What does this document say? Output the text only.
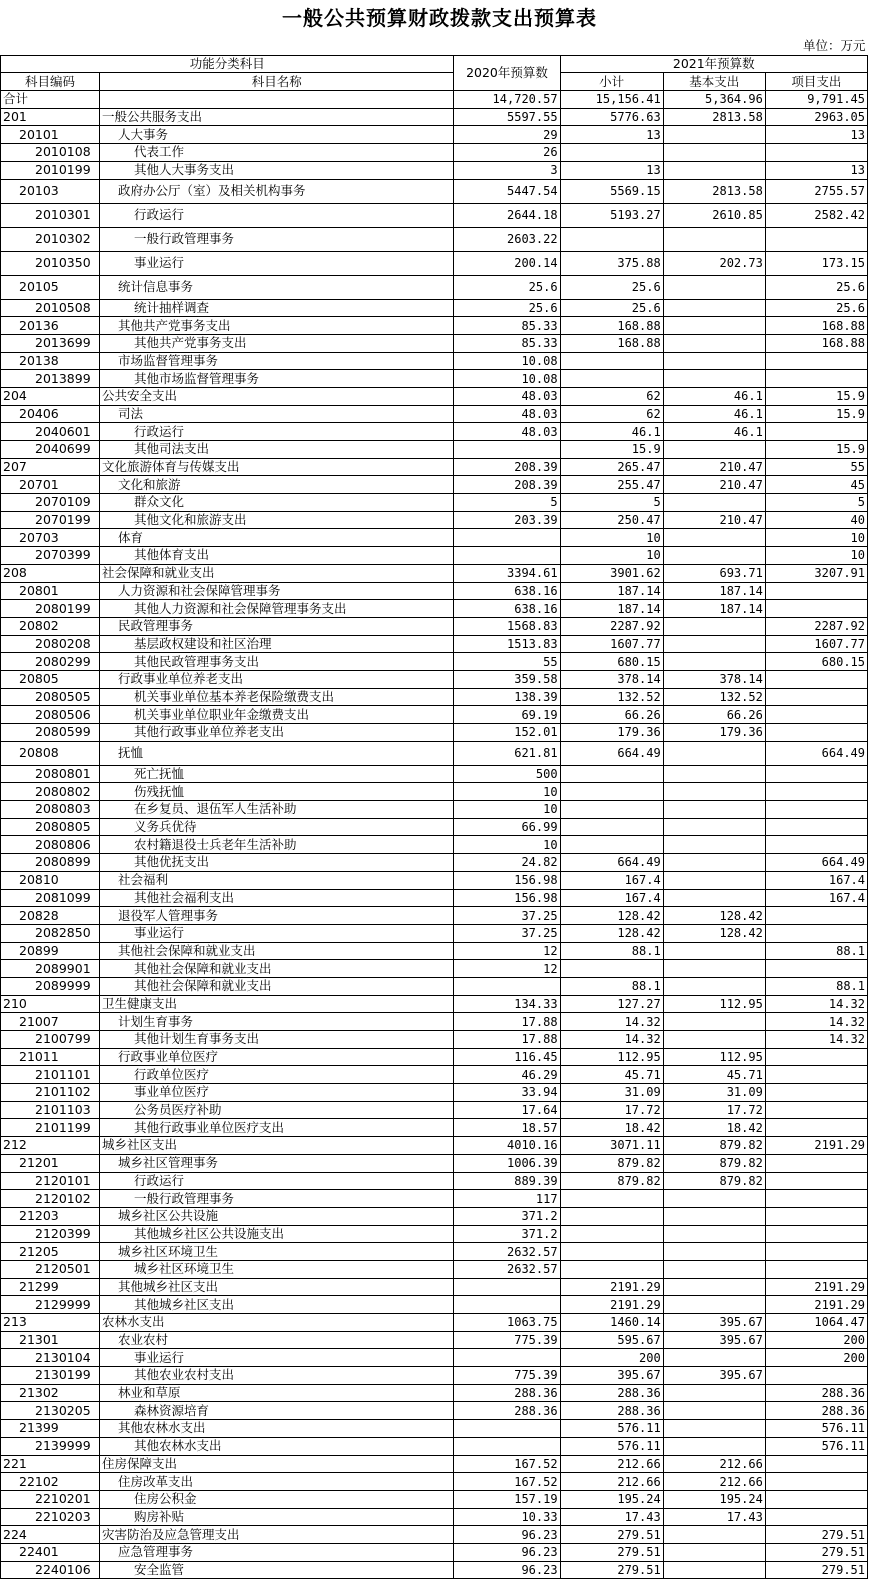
一般公共预算财政拨款支出预算表
					单位：万元
功能分类科目		2020年预算数	2021年预算数		
科目编码	科目名称		小计	基本支出	项目支出
合计		14,720.57	15,156.41	5,364.96	9,791.45
201	一般公共服务支出	5597.55	5776.63	2813.58	2963.05
20101	人大事务	29	13		13
2010108	代表工作	26			
2010199	其他人大事务支出	3	13		13
20103	政府办公厅（室）及相关机构事务	5447.54	5569.15	2813.58	2755.57
2010301	行政运行	2644.18	5193.27	2610.85	2582.42
2010302	一般行政管理事务	2603.22			
2010350	事业运行	200.14	375.88	202.73	173.15
20105	统计信息事务	25.6	25.6		25.6
2010508	统计抽样调查	25.6	25.6		25.6
20136	其他共产党事务支出	85.33	168.88		168.88
2013699	其他共产党事务支出	85.33	168.88		168.88
20138	市场监督管理事务	10.08			
2013899	其他市场监督管理事务	10.08			
204	公共安全支出	48.03	62	46.1	15.9
20406	司法	48.03	62	46.1	15.9
2040601	行政运行	48.03	46.1	46.1	
2040699	其他司法支出		15.9		15.9
207	文化旅游体育与传媒支出	208.39	265.47	210.47	55
20701	文化和旅游	208.39	255.47	210.47	45
2070109	群众文化	5	5		5
2070199	其他文化和旅游支出	203.39	250.47	210.47	40
20703	体育		10		10
2070399	其他体育支出		10		10
208	社会保障和就业支出	3394.61	3901.62	693.71	3207.91
20801	人力资源和社会保障管理事务	638.16	187.14	187.14	
2080199	其他人力资源和社会保障管理事务支出	638.16	187.14	187.14	
20802	民政管理事务	1568.83	2287.92		2287.92
2080208	基层政权建设和社区治理	1513.83	1607.77		1607.77
2080299	其他民政管理事务支出	55	680.15		680.15
20805	行政事业单位养老支出	359.58	378.14	378.14	
2080505	机关事业单位基本养老保险缴费支出	138.39	132.52	132.52	
2080506	机关事业单位职业年金缴费支出	69.19	66.26	66.26	
2080599	其他行政事业单位养老支出	152.01	179.36	179.36	
20808	抚恤	621.81	664.49		664.49
2080801	死亡抚恤	500			
2080802	伤残抚恤	10			
2080803	在乡复员、退伍军人生活补助	10			
2080805	义务兵优待	66.99			
2080806	农村籍退役士兵老年生活补助	10			
2080899	其他优抚支出	24.82	664.49		664.49
20810	社会福利	156.98	167.4		167.4
2081099	其他社会福利支出	156.98	167.4		167.4
20828	退役军人管理事务	37.25	128.42	128.42	
2082850	事业运行	37.25	128.42	128.42	
20899	其他社会保障和就业支出	12	88.1		88.1
2089901	其他社会保障和就业支出	12			
2089999	其他社会保障和就业支出		88.1		88.1
210	卫生健康支出	134.33	127.27	112.95	14.32
21007	计划生育事务	17.88	14.32		14.32
2100799	其他计划生育事务支出	17.88	14.32		14.32
21011	行政事业单位医疗	116.45	112.95	112.95	
2101101	行政单位医疗	46.29	45.71	45.71	
2101102	事业单位医疗	33.94	31.09	31.09	
2101103	公务员医疗补助	17.64	17.72	17.72	
2101199	其他行政事业单位医疗支出	18.57	18.42	18.42	
212	城乡社区支出	4010.16	3071.11	879.82	2191.29
21201	城乡社区管理事务	1006.39	879.82	879.82	
2120101	行政运行	889.39	879.82	879.82	
2120102	一般行政管理事务	117			
21203	城乡社区公共设施	371.2			
2120399	其他城乡社区公共设施支出	371.2			
21205	城乡社区环境卫生	2632.57			
2120501	城乡社区环境卫生	2632.57			
21299	其他城乡社区支出		2191.29		2191.29
2129999	其他城乡社区支出		2191.29		2191.29
213	农林水支出	1063.75	1460.14	395.67	1064.47
21301	农业农村	775.39	595.67	395.67	200
2130104	事业运行		200		200
2130199	其他农业农村支出	775.39	395.67	395.67	
21302	林业和草原	288.36	288.36		288.36
2130205	森林资源培育	288.36	288.36		288.36
21399	其他农林水支出		576.11		576.11
2139999	其他农林水支出		576.11		576.11
221	住房保障支出	167.52	212.66	212.66	
22102	住房改革支出	167.52	212.66	212.66	
2210201	住房公积金	157.19	195.24	195.24	
2210203	购房补贴	10.33	17.43	17.43	
224	灾害防治及应急管理支出	96.23	279.51		279.51
22401	应急管理事务	96.23	279.51		279.51
2240106	安全监管	96.23	279.51		279.51
